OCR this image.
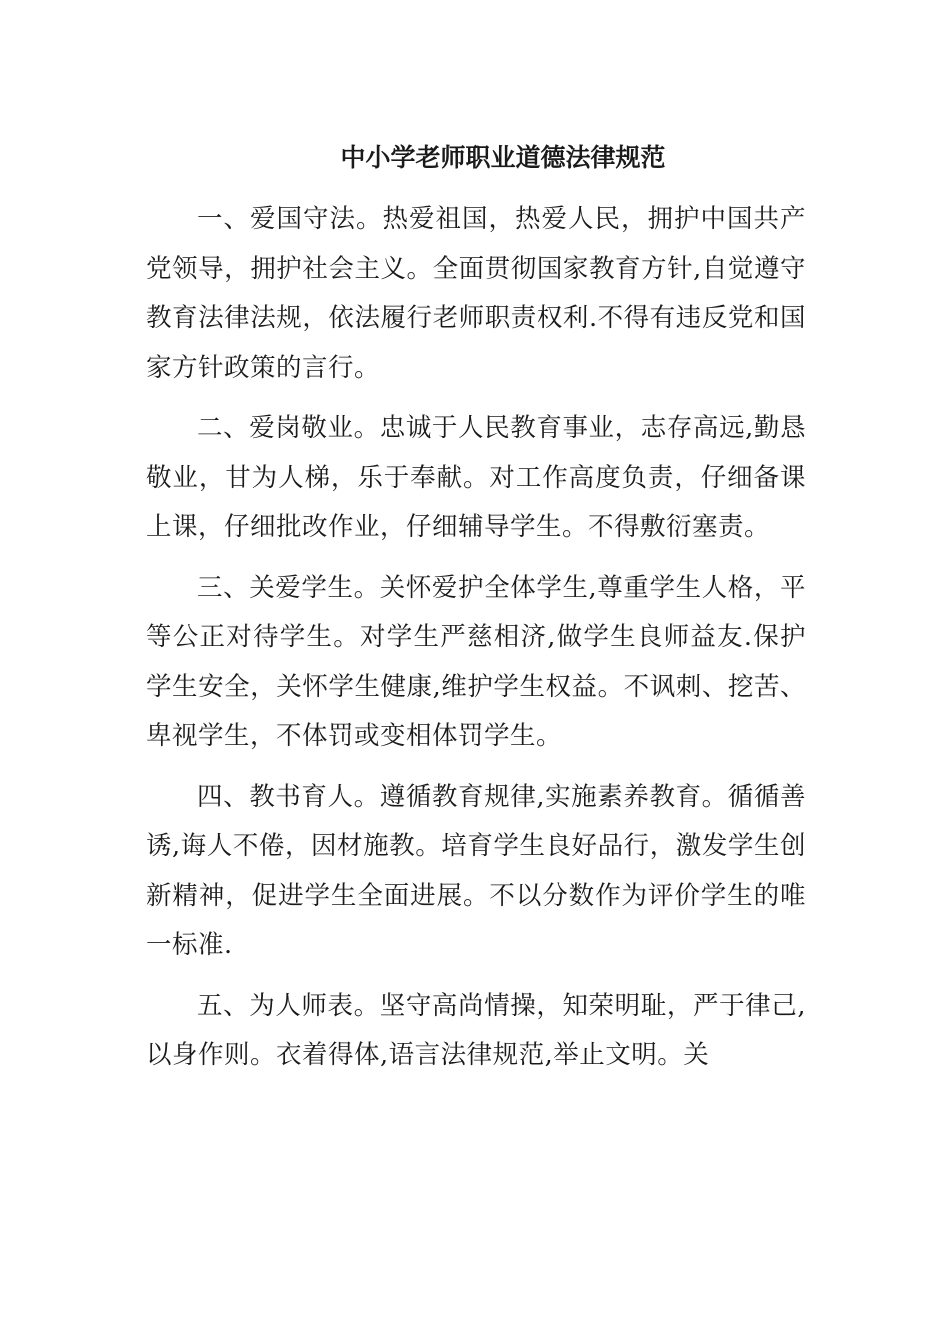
中小学老师职业道德法律规范

一、爱国守法。热爱祖国，热爱人民，拥护中国共产党领导，拥护社会主义。全面贯彻国家教育方针,自觉遵守教育法律法规，依法履行老师职责权利.不得有违反党和国家方针政策的言行。

二、爱岗敬业。忠诚于人民教育事业，志存高远,勤恳敬业，甘为人梯，乐于奉献。对工作高度负责，仔细备课上课，仔细批改作业，仔细辅导学生。不得敷衍塞责。

三、关爱学生。关怀爱护全体学生,尊重学生人格，平等公正对待学生。对学生严慈相济,做学生良师益友.保护学生安全，关怀学生健康,维护学生权益。不讽刺、挖苦、卑视学生，不体罚或变相体罚学生。

四、教书育人。遵循教育规律,实施素养教育。循循善诱,诲人不倦，因材施教。培育学生良好品行，激发学生创新精神，促进学生全面进展。不以分数作为评价学生的唯一标准.

五、为人师表。坚守高尚情操，知荣明耻，严于律己,以身作则。衣着得体,语言法律规范,举止文明。关
